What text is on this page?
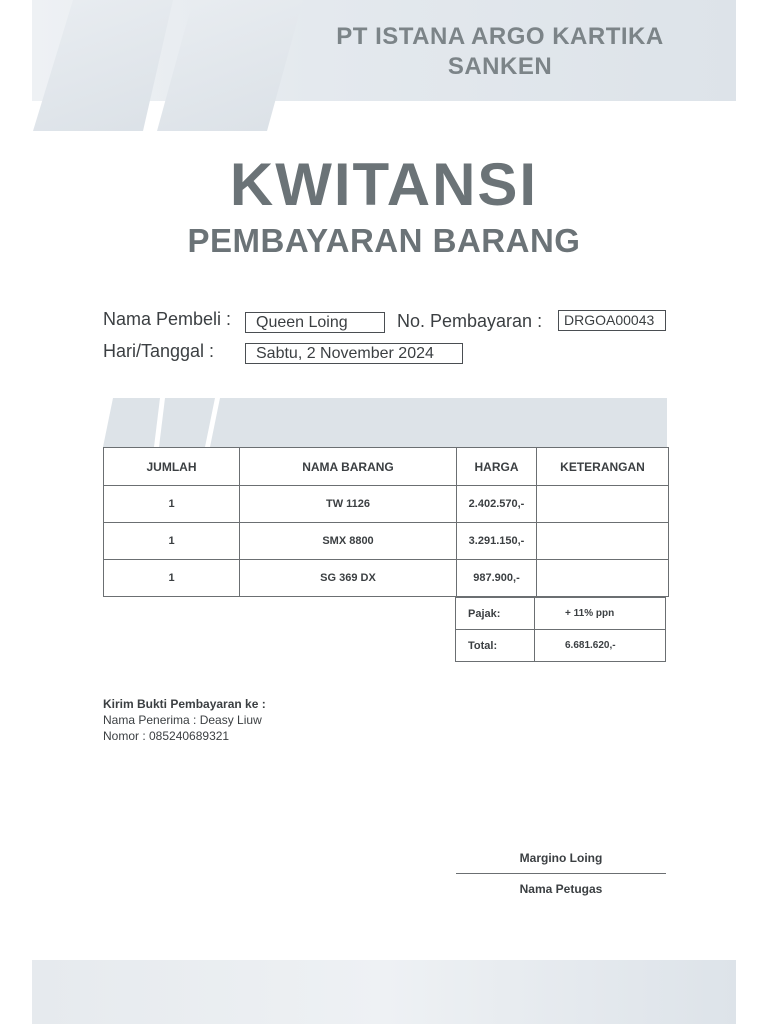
PT ISTANA ARGO KARTIKA
SANKEN
KWITANSI
PEMBAYARAN BARANG
Nama Pembeli :	Queen Loing	No. Pembayaran :	DRGOA00043
Hari/Tanggal :	Sabtu, 2 November 2024
JUMLAH	NAMA BARANG	HARGA	KETERANGAN
1	TW 1126	2.402.570,-	
1	SMX 8800	3.291.150,-	
1	SG 369 DX	987.900,-	
Pajak:	+ 11% ppn
Total:	6.681.620,-
Kirim Bukti Pembayaran ke :
Nama Penerima : Deasy Liuw
Nomor : 085240689321
Margino Loing
Nama Petugas
